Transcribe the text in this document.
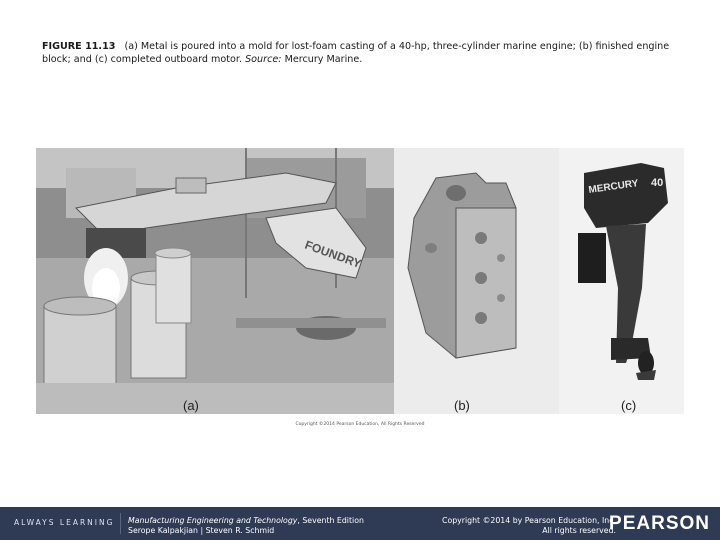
FIGURE 11.13 (a) Metal is poured into a mold for lost-foam casting of a 40-hp, three-cylinder marine engine; (b) finished engine block; and (c) completed outboard motor. Source: Mercury Marine.
FOUNDRY
MERCURY 40
(a)	(b)	(c)
Copyright ©2014 Pearson Education, All Rights Reserved
ALWAYS LEARNING Manufacturing Engineering and Technology, Seventh Edition
Serope Kalpakjian | Steven R. Schmid
Copyright ©2014 by Pearson Education, Inc.
All rights reserved.
PEARSON
